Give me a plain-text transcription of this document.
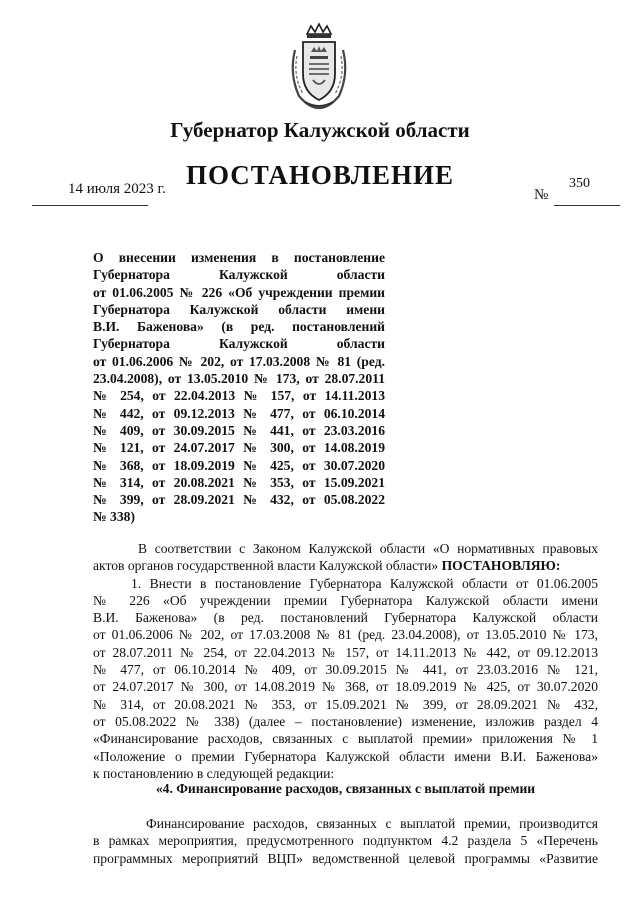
Губернатор Калужской области
ПОСТАНОВЛЕНИЕ
14 июля 2023 г.	№
350
О внесении изменения в постановление
Губернатора Калужской области
от 01.06.2005 № 226 «Об учреждении премии
Губернатора Калужской области имени
В.И. Баженова» (в ред. постановлений
Губернатора Калужской области
от 01.06.2006 № 202, от 17.03.2008 № 81 (ред.
23.04.2008), от 13.05.2010 № 173, от 28.07.2011
№ 254, от 22.04.2013 № 157, от 14.11.2013
№ 442, от 09.12.2013 № 477, от 06.10.2014
№ 409, от 30.09.2015 № 441, от 23.03.2016
№ 121, от 24.07.2017 № 300, от 14.08.2019
№ 368, от 18.09.2019 № 425, от 30.07.2020
№ 314, от 20.08.2021 № 353, от 15.09.2021
№ 399, от 28.09.2021 № 432, от 05.08.2022
№ 338)
В соответствии с Законом Калужской области «О нормативных правовых
актов органов государственной власти Калужской области» ПОСТАНОВЛЯЮ:
1. Внести в постановление Губернатора Калужской области от 01.06.2005
№ 226 «Об учреждении премии Губернатора Калужской области имени
В.И. Баженова» (в ред. постановлений Губернатора Калужской области
от 01.06.2006 № 202, от 17.03.2008 № 81 (ред. 23.04.2008), от 13.05.2010 № 173,
от 28.07.2011 № 254, от 22.04.2013 № 157, от 14.11.2013 № 442, от 09.12.2013
№ 477, от 06.10.2014 № 409, от 30.09.2015 № 441, от 23.03.2016 № 121,
от 24.07.2017 № 300, от 14.08.2019 № 368, от 18.09.2019 № 425, от 30.07.2020
№ 314, от 20.08.2021 № 353, от 15.09.2021 № 399, от 28.09.2021 № 432,
от 05.08.2022 № 338) (далее – постановление) изменение, изложив раздел 4
«Финансирование расходов, связанных с выплатой премии» приложения № 1
«Положение о премии Губернатора Калужской области имени В.И. Баженова»
к постановлению в следующей редакции:
«4. Финансирование расходов, связанных с выплатой премии
Финансирование расходов, связанных с выплатой премии, производится
в рамках мероприятия, предусмотренного подпунктом 4.2 раздела 5 «Перечень
программных мероприятий ВЦП» ведомственной целевой программы «Развитие
